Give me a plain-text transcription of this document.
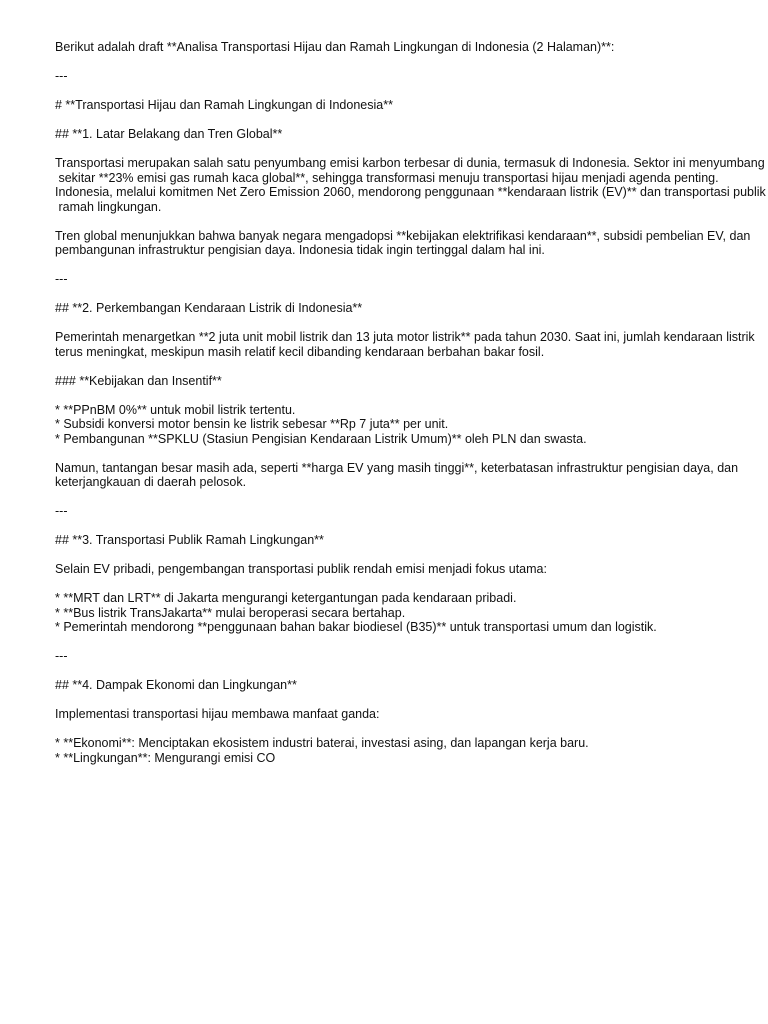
Berikut adalah draft **Analisa Transportasi Hijau dan Ramah Lingkungan di Indonesia (2 Halaman)**:

---

# **Transportasi Hijau dan Ramah Lingkungan di Indonesia**

## **1. Latar Belakang dan Tren Global**

Transportasi merupakan salah satu penyumbang emisi karbon terbesar di dunia, termasuk di Indonesia. Sektor ini menyumbang
sekitar **23% emisi gas rumah kaca global**, sehingga transformasi menuju transportasi hijau menjadi agenda penting.
Indonesia, melalui komitmen Net Zero Emission 2060, mendorong penggunaan **kendaraan listrik (EV)** dan transportasi publik
ramah lingkungan.
Tren global menunjukkan bahwa banyak negara mengadopsi **kebijakan elektrifikasi kendaraan**, subsidi pembelian EV, dan
pembangunan infrastruktur pengisian daya. Indonesia tidak ingin tertinggal dalam hal ini.

---

## **2. Perkembangan Kendaraan Listrik di Indonesia**

Pemerintah menargetkan **2 juta unit mobil listrik dan 13 juta motor listrik** pada tahun 2030. Saat ini, jumlah kendaraan listrik
terus meningkat, meskipun masih relatif kecil dibanding kendaraan berbahan bakar fosil.

### **Kebijakan dan Insentif**

* **PPnBM 0%** untuk mobil listrik tertentu.
* Subsidi konversi motor bensin ke listrik sebesar **Rp 7 juta** per unit.
* Pembangunan **SPKLU (Stasiun Pengisian Kendaraan Listrik Umum)** oleh PLN dan swasta.
Namun, tantangan besar masih ada, seperti **harga EV yang masih tinggi**, keterbatasan infrastruktur pengisian daya, dan
keterjangkauan di daerah pelosok.

---

## **3. Transportasi Publik Ramah Lingkungan**

Selain EV pribadi, pengembangan transportasi publik rendah emisi menjadi fokus utama:
* **MRT dan LRT** di Jakarta mengurangi ketergantungan pada kendaraan pribadi.
* **Bus listrik TransJakarta** mulai beroperasi secara bertahap.
* Pemerintah mendorong **penggunaan bahan bakar biodiesel (B35)** untuk transportasi umum dan logistik.

---

## **4. Dampak Ekonomi dan Lingkungan**

Implementasi transportasi hijau membawa manfaat ganda:
* **Ekonomi**: Menciptakan ekosistem industri baterai, investasi asing, dan lapangan kerja baru.
* **Lingkungan**: Mengurangi emisi CO
